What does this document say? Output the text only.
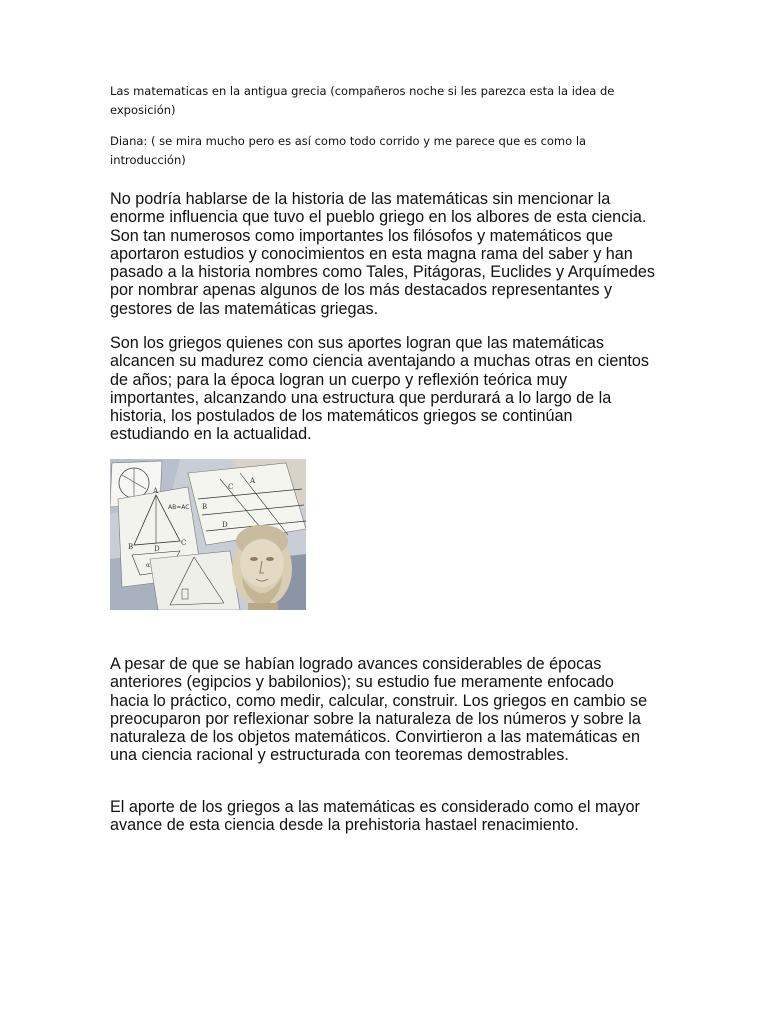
Las matematicas en la antigua grecia (compañeros noche si les parezca esta la idea de exposición)
Diana: ( se mira mucho pero es así como todo corrido y me parece que es como la introducción)

No podría hablarse de la historia de las matemáticas sin mencionar la enorme influencia que tuvo el pueblo griego en los albores de esta ciencia. Son tan numerosos como importantes los filósofos y matemáticos que aportaron estudios y conocimientos en esta magna rama del saber y han pasado a la historia nombres como Tales, Pitágoras, Euclides y Arquímedes por nombrar apenas algunos de los más destacados representantes y gestores de las matemáticas griegas.

Son los griegos quienes con sus aportes logran que las matemáticas alcancen su madurez como ciencia aventajando a muchas otras en cientos de años; para la época logran un cuerpo y reflexión teórica muy importantes, alcanzando una estructura que perdurará a lo largo de la historia, los postulados de los matemáticos griegos se continúan estudiando en la actualidad.

A
B	C
D
AB=AC
α
A
B
C
D

A pesar de que se habían logrado avances considerables de épocas anteriores (egipcios y babilonios); su estudio fue meramente enfocado hacia lo práctico, como medir, calcular, construir. Los griegos en cambio se preocuparon por reflexionar sobre la naturaleza de los números y sobre la naturaleza de los objetos matemáticos. Convirtieron a las matemáticas en una ciencia racional y estructurada con teoremas demostrables.

El aporte de los griegos a las matemáticas es considerado como el mayor avance de esta ciencia desde la prehistoria hastael renacimiento.
